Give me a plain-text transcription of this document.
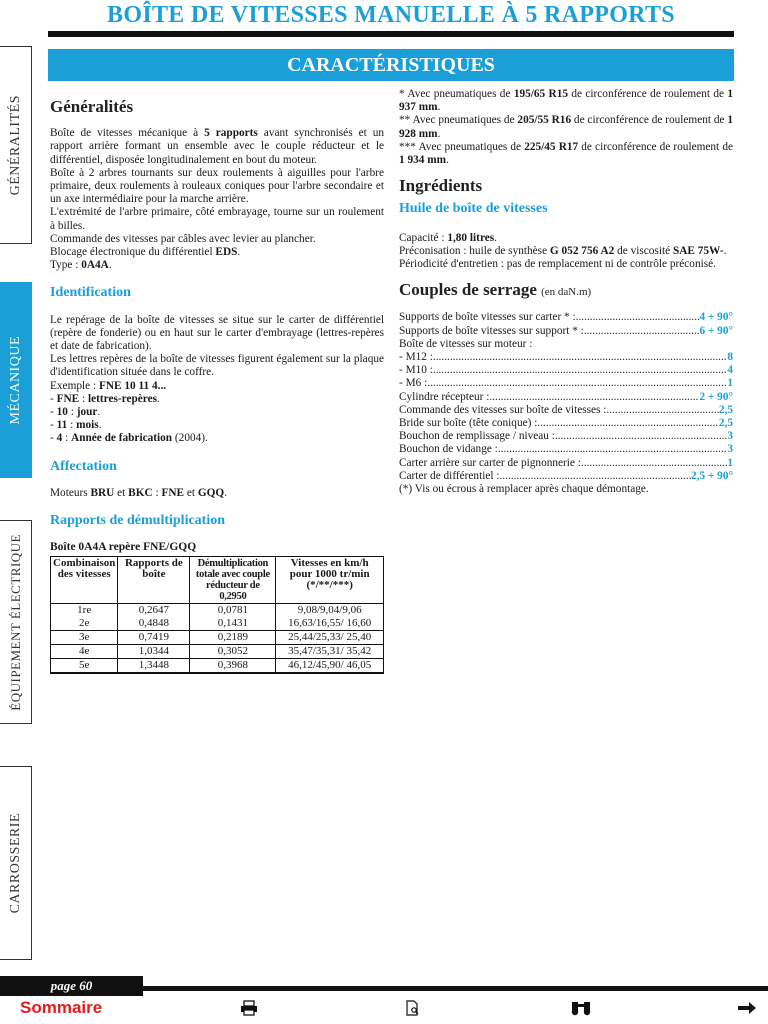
BOÎTE DE VITESSES MANUELLE À 5 RAPPORTS
CARACTÉRISTIQUES
GÉNÉRALITÉS
MÉCANIQUE
ÉQUIPEMENT ÉLECTRIQUE
CARROSSERIE
Généralités

Boîte de vitesses mécanique à 5 rapports avant synchronisés et un rapport arrière formant un ensemble avec le couple réducteur et le différentiel, disposée longitudinalement en bout du moteur.
Boîte à 2 arbres tournants sur deux roulements à aiguilles pour l'arbre primaire, deux roulements à rouleaux coniques pour l'arbre secondaire et un axe intermédiaire pour la marche arrière.
L'extrémité de l'arbre primaire, côté embrayage, tourne sur un roulement à billes.
Commande des vitesses par câbles avec levier au plancher.
Blocage électronique du différentiel EDS.
Type : 0A4A.

Identification

Le repérage de la boîte de vitesses se situe sur le carter de différentiel (repère de fonderie) ou en haut sur le carter d'embrayage (lettres-repères et date de fabrication).
Les lettres repères de la boîte de vitesses figurent également sur la plaque d'identification située dans le coffre.
Exemple : FNE 10 11 4...
- FNE : lettres-repères.
- 10 : jour.
- 11 : mois.
- 4 : Année de fabrication (2004).

Affectation

Moteurs BRU et BKC : FNE et GQQ.

Rapports de démultiplication
Boîte 0A4A repère FNE/GQQ
Combinaison des vitesses	Rapports de boîte	Démultiplication totale avec couple réducteur de 0,2950	Vitesses en km/h pour 1000 tr/min (*/**/***)
1re	0,2647	0,0781	9,08/9,04/9,06
2e	0,4848	0,1431	16,63/16,55/ 16,60
3e	0,7419	0,2189	25,44/25,33/ 25,40
4e	1,0344	0,3052	35,47/35,31/ 35,42
5e	1,3448	0,3968	46,12/45,90/ 46,05

* Avec pneumatiques de 195/65 R15 de circonférence de roulement de 1 937 mm.
** Avec pneumatiques de 205/55 R16 de circonférence de roulement de 1 928 mm.
*** Avec pneumatiques de 225/45 R17 de circonférence de roulement de 1 934 mm.

Ingrédients
Huile de boîte de vitesses

Capacité : 1,80 litres.
Préconisation : huile de synthèse G 052 756 A2 de viscosité SAE 75W-.
Périodicité d'entretien : pas de remplacement ni de contrôle préconisé.

Couples de serrage (en daN.m)
Supports de boîte vitesses sur carter * : .....	4 + 90°
Supports de boîte vitesses sur support * : .....	6 + 90°
Boîte de vitesses sur moteur :
- M12 : .....	8
- M10 : .....	4
- M6 : .....	1
Cylindre récepteur : .....	2 + 90°
Commande des vitesses sur boîte de vitesses : .....	2,5
Bride sur boîte (tête conique) : .....	2,5
Bouchon de remplissage / niveau : .....	3
Bouchon de vidange : .....	3
Carter arrière sur carter de pignonnerie : .....	1
Carter de différentiel : .....	2,5 + 90°
(*) Vis ou écrous à remplacer après chaque démontage.
page 60
Sommaire
